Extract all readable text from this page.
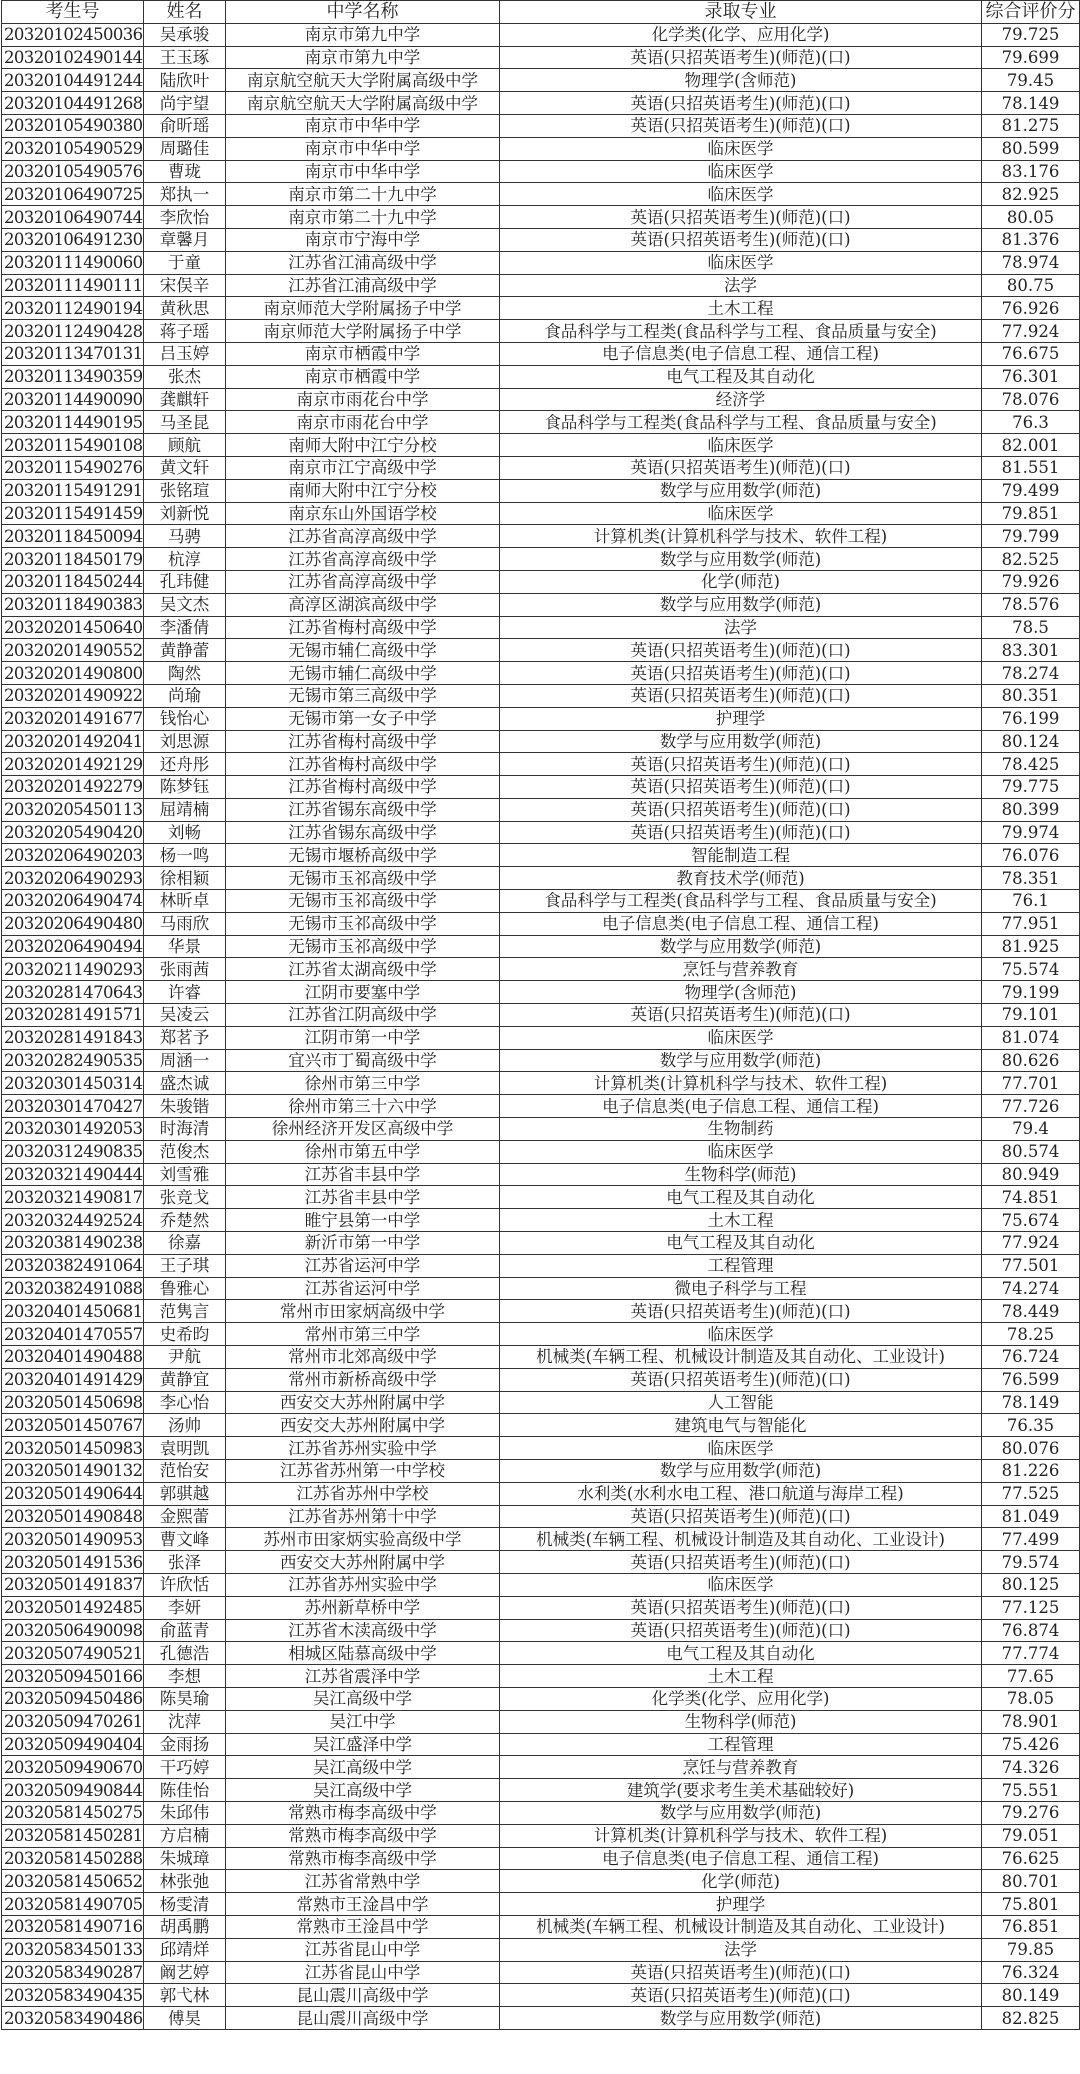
考生号	姓名	中学名称	录取专业	综合评价分
20320102450036	吴承骏	南京市第九中学	化学类(化学、应用化学)	79.725
20320102490144	王玉琢	南京市第九中学	英语(只招英语考生)(师范)(口)	79.699
20320104491244	陆欣叶	南京航空航天大学附属高级中学	物理学(含师范)	79.45
20320104491268	尚宇望	南京航空航天大学附属高级中学	英语(只招英语考生)(师范)(口)	78.149
20320105490380	俞昕瑶	南京市中华中学	英语(只招英语考生)(师范)(口)	81.275
20320105490529	周璐佳	南京市中华中学	临床医学	80.599
20320105490576	曹珑	南京市中华中学	临床医学	83.176
20320106490725	郑执一	南京市第二十九中学	临床医学	82.925
20320106490744	李欣怡	南京市第二十九中学	英语(只招英语考生)(师范)(口)	80.05
20320106491230	章馨月	南京市宁海中学	英语(只招英语考生)(师范)(口)	81.376
20320111490060	于童	江苏省江浦高级中学	临床医学	78.974
20320111490111	宋俣辛	江苏省江浦高级中学	法学	80.75
20320112490194	黄秋思	南京师范大学附属扬子中学	土木工程	76.926
20320112490428	蒋子瑶	南京师范大学附属扬子中学	食品科学与工程类(食品科学与工程、食品质量与安全)	77.924
20320113470131	吕玉婷	南京市栖霞中学	电子信息类(电子信息工程、通信工程)	76.675
20320113490359	张杰	南京市栖霞中学	电气工程及其自动化	76.301
20320114490090	龚麒轩	南京市雨花台中学	经济学	78.076
20320114490195	马圣昆	南京市雨花台中学	食品科学与工程类(食品科学与工程、食品质量与安全)	76.3
20320115490108	顾航	南师大附中江宁分校	临床医学	82.001
20320115490276	黄文轩	南京市江宁高级中学	英语(只招英语考生)(师范)(口)	81.551
20320115491291	张铭瑄	南师大附中江宁分校	数学与应用数学(师范)	79.499
20320115491459	刘新悦	南京东山外国语学校	临床医学	79.851
20320118450094	马骋	江苏省高淳高级中学	计算机类(计算机科学与技术、软件工程)	79.799
20320118450179	杭淳	江苏省高淳高级中学	数学与应用数学(师范)	82.525
20320118450244	孔玮健	江苏省高淳高级中学	化学(师范)	79.926
20320118490383	吴文杰	高淳区湖滨高级中学	数学与应用数学(师范)	78.576
20320201450640	李潘倩	江苏省梅村高级中学	法学	78.5
20320201490552	黄静蕾	无锡市辅仁高级中学	英语(只招英语考生)(师范)(口)	83.301
20320201490800	陶然	无锡市辅仁高级中学	英语(只招英语考生)(师范)(口)	78.274
20320201490922	尚瑜	无锡市第三高级中学	英语(只招英语考生)(师范)(口)	80.351
20320201491677	钱怡心	无锡市第一女子中学	护理学	76.199
20320201492041	刘思源	江苏省梅村高级中学	数学与应用数学(师范)	80.124
20320201492129	还舟彤	江苏省梅村高级中学	英语(只招英语考生)(师范)(口)	78.425
20320201492279	陈梦钰	江苏省梅村高级中学	英语(只招英语考生)(师范)(口)	79.775
20320205450113	屈靖楠	江苏省锡东高级中学	英语(只招英语考生)(师范)(口)	80.399
20320205490420	刘畅	江苏省锡东高级中学	英语(只招英语考生)(师范)(口)	79.974
20320206490203	杨一鸣	无锡市堰桥高级中学	智能制造工程	76.076
20320206490293	徐相颖	无锡市玉祁高级中学	教育技术学(师范)	78.351
20320206490474	林昕卓	无锡市玉祁高级中学	食品科学与工程类(食品科学与工程、食品质量与安全)	76.1
20320206490480	马雨欣	无锡市玉祁高级中学	电子信息类(电子信息工程、通信工程)	77.951
20320206490494	华景	无锡市玉祁高级中学	数学与应用数学(师范)	81.925
20320211490293	张雨茜	江苏省太湖高级中学	烹饪与营养教育	75.574
20320281470643	许睿	江阴市要塞中学	物理学(含师范)	79.199
20320281491571	吴凌云	江苏省江阴高级中学	英语(只招英语考生)(师范)(口)	79.101
20320281491843	郑茗予	江阴市第一中学	临床医学	81.074
20320282490535	周涵一	宜兴市丁蜀高级中学	数学与应用数学(师范)	80.626
20320301450314	盛杰诚	徐州市第三中学	计算机类(计算机科学与技术、软件工程)	77.701
20320301470427	朱骏锴	徐州市第三十六中学	电子信息类(电子信息工程、通信工程)	77.726
20320301492053	时海清	徐州经济开发区高级中学	生物制药	79.4
20320312490835	范俊杰	徐州市第五中学	临床医学	80.574
20320321490444	刘雪雅	江苏省丰县中学	生物科学(师范)	80.949
20320321490817	张竞戈	江苏省丰县中学	电气工程及其自动化	74.851
20320324492524	乔楚然	睢宁县第一中学	土木工程	75.674
20320381490238	徐嘉	新沂市第一中学	电气工程及其自动化	77.924
20320382491064	王子琪	江苏省运河中学	工程管理	77.501
20320382491088	鲁雅心	江苏省运河中学	微电子科学与工程	74.274
20320401450681	范隽言	常州市田家炳高级中学	英语(只招英语考生)(师范)(口)	78.449
20320401470557	史希昀	常州市第三中学	临床医学	78.25
20320401490488	尹航	常州市北郊高级中学	机械类(车辆工程、机械设计制造及其自动化、工业设计)	76.724
20320401491429	黄静宜	常州市新桥高级中学	英语(只招英语考生)(师范)(口)	76.599
20320501450698	李心怡	西安交大苏州附属中学	人工智能	78.149
20320501450767	汤帅	西安交大苏州附属中学	建筑电气与智能化	76.35
20320501450983	袁明凯	江苏省苏州实验中学	临床医学	80.076
20320501490132	范怡安	江苏省苏州第一中学校	数学与应用数学(师范)	81.226
20320501490644	郭骐越	江苏省苏州中学校	水利类(水利水电工程、港口航道与海岸工程)	77.525
20320501490848	金熙蕾	江苏省苏州第十中学	英语(只招英语考生)(师范)(口)	81.049
20320501490953	曹文峰	苏州市田家炳实验高级中学	机械类(车辆工程、机械设计制造及其自动化、工业设计)	77.499
20320501491536	张泽	西安交大苏州附属中学	英语(只招英语考生)(师范)(口)	79.574
20320501491837	许欣恬	江苏省苏州实验中学	临床医学	80.125
20320501492485	李妍	苏州新草桥中学	英语(只招英语考生)(师范)(口)	77.125
20320506490098	俞蓝青	江苏省木渎高级中学	英语(只招英语考生)(师范)(口)	76.874
20320507490521	孔德浩	相城区陆慕高级中学	电气工程及其自动化	77.774
20320509450166	李想	江苏省震泽中学	土木工程	77.65
20320509450486	陈昊瑜	吴江高级中学	化学类(化学、应用化学)	78.05
20320509470261	沈萍	吴江中学	生物科学(师范)	78.901
20320509490404	金雨扬	吴江盛泽中学	工程管理	75.426
20320509490670	干巧婷	吴江高级中学	烹饪与营养教育	74.326
20320509490844	陈佳怡	吴江高级中学	建筑学(要求考生美术基础较好)	75.551
20320581450275	朱邱伟	常熟市梅李高级中学	数学与应用数学(师范)	79.276
20320581450281	方启楠	常熟市梅李高级中学	计算机类(计算机科学与技术、软件工程)	79.051
20320581450288	朱城璋	常熟市梅李高级中学	电子信息类(电子信息工程、通信工程)	76.625
20320581450652	林张弛	江苏省常熟中学	化学(师范)	80.701
20320581490705	杨雯清	常熟市王淦昌中学	护理学	75.801
20320581490716	胡禹鹏	常熟市王淦昌中学	机械类(车辆工程、机械设计制造及其自动化、工业设计)	76.851
20320583450133	邱靖烊	江苏省昆山中学	法学	79.85
20320583490287	阚艺婷	江苏省昆山中学	英语(只招英语考生)(师范)(口)	76.324
20320583490435	郭弋林	昆山震川高级中学	英语(只招英语考生)(师范)(口)	80.149
20320583490486	傅昊	昆山震川高级中学	数学与应用数学(师范)	82.825
